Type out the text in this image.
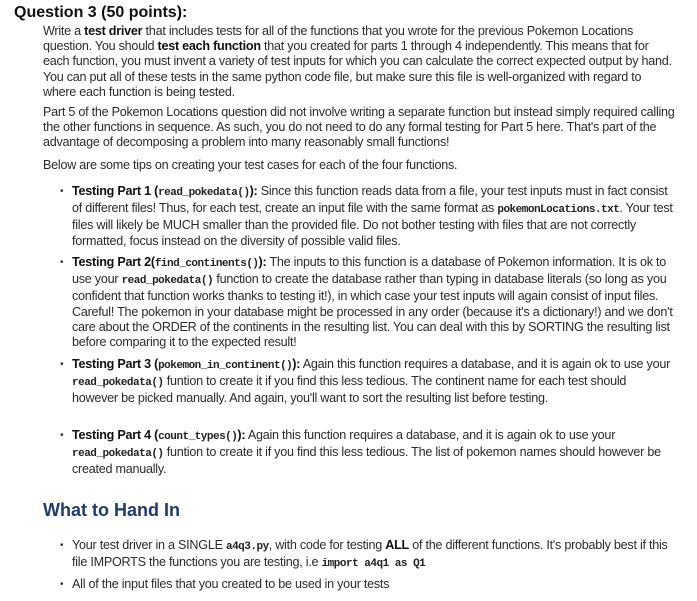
Question 3 (50 points):

Write a test driver that includes tests for all of the functions that you wrote for the previous Pokemon Locations question. You should test each function that you created for parts 1 through 4 independently. This means that for each function, you must invent a variety of test inputs for which you can calculate the correct expected output by hand. You can put all of these tests in the same python code file, but make sure this file is well-organized with regard to where each function is being tested.

Part 5 of the Pokemon Locations question did not involve writing a separate function but instead simply required calling the other functions in sequence. As such, you do not need to do any formal testing for Part 5 here. That's part of the advantage of decomposing a problem into many reasonably small functions!

Below are some tips on creating your test cases for each of the four functions.

• Testing Part 1 (read_pokedata()): Since this function reads data from a file, your test inputs must in fact consist of different files! Thus, for each test, create an input file with the same format as pokemonLocations.txt. Your test files will likely be MUCH smaller than the provided file. Do not bother testing with files that are not correctly formatted, focus instead on the diversity of possible valid files.
• Testing Part 2(find_continents()): The inputs to this function is a database of Pokemon information. It is ok to use your read_pokedata() function to create the database rather than typing in database literals (so long as you confident that function works thanks to testing it!), in which case your test inputs will again consist of input files. Careful! The pokemon in your database might be processed in any order (because it's a dictionary!) and we don't care about the ORDER of the continents in the resulting list. You can deal with this by SORTING the resulting list before comparing it to the expected result!
• Testing Part 3 (pokemon_in_continent()): Again this function requires a database, and it is again ok to use your read_pokedata() funtion to create it if you find this less tedious. The continent name for each test should however be picked manually. And again, you'll want to sort the resulting list before testing.
• Testing Part 4 (count_types()): Again this function requires a database, and it is again ok to use your read_pokedata() funtion to create it if you find this less tedious. The list of pokemon names should however be created manually.
What to Hand In
• Your test driver in a SINGLE a4q3.py, with code for testing ALL of the different functions. It's probably best if this file IMPORTS the functions you are testing, i.e import a4q1 as Q1
• All of the input files that you created to be used in your tests
